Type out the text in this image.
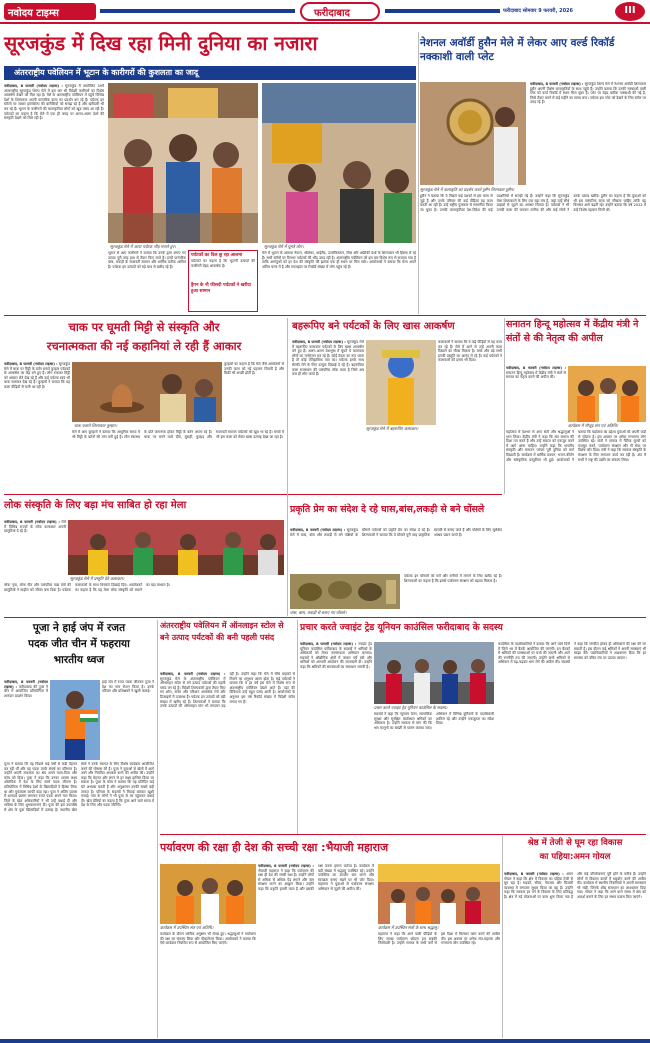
नवोदय टाइम्स	फरीदाबाद	फरीदाबाद सोमवार 9 फरवरी, 2026	III
सूरजकुंड में दिख रहा मिनी दुनिया का नजारा
अंतरराष्ट्रीय पवेलियन में भूटान के कारीगरों की कुशलता का जादू
फरीदाबाद, 8 फरवरी (नवोदय टाइम्स) : सूरजकुंड में आयोजित 39वें अंतरराष्ट्रीय सूरजकुंड शिल्प मेले में इस बार भी विदेशी कारीगरों का विशेष आकर्षण देखने को मिल रहा है। मेले के अंतरराष्ट्रीय पवेलियन में पहुंचे विभिन्न देशों के शिल्पकार अपनी पारंपरिक कला का प्रदर्शन कर रहे हैं। पर्यटक इन स्टॉलों पर जाकर हस्तशिल्प की बारीकियों को समझ रहे हैं और खरीदारी भी कर रहे हैं। भूटान के कारीगरों की कलाकृतियां लोगों को खूब पसंद आ रही हैं। पर्यटकों का कहना है कि मेले में एक ही जगह पर अलग-अलग देशों की संस्कृति देखने को मिल रही है।
सूरजकुंड मेले में आया पर्यटक भीड़ मनाते हुए।	सूरजकुंड मेले में घूमते लोग।
भूटान से आए कारीगरों ने बताया कि उनके द्वारा बनाए गए उत्पाद पूरी तरह हाथ से तैयार किए जाते हैं। इनमें पारंपरिक वस्त्र, लकड़ी के सजावटी सामान और धार्मिक प्रतीक शामिल हैं। पर्यटक इन उत्पादों को बड़े चाव से खरीद रहे हैं।
पर्यटकों का दिल छू रहा आलमा
पर्यटकों का कहना है कि भूटानी उत्पादों की कारीगरी बेहद आकर्षक है।
ड्रैगन के नौ फीसदी पर्यटकों ने खरीदा हुआ सामान
मेले में भूटान के अलावा नेपाल, श्रीलंका, थाईलैंड, उज्बेकिस्तान, मिस्र और अफ्रीकी देशों के शिल्पकार भी हिस्सा ले रहे हैं। सभी स्टॉलों पर दिनभर पर्यटकों की भीड़ उमड़ रही है। अंतरराष्ट्रीय पवेलियन को इस बार विशेष रूप से सजाया गया है ताकि आगंतुकों को हर देश की संस्कृति की झलक एक ही स्थान पर मिल सके। आयोजकों ने बताया कि मेला अपने अंतिम चरण में है और सप्ताहांत पर रिकॉर्ड संख्या में लोग पहुंच रहे हैं।
नेशनल अवॉर्डी हुसैन मेले में लेकर आए वर्ल्ड रिकॉर्ड नक्काशी वाली प्लेट
फरीदाबाद, 8 फरवरी (नवोदय टाइम्स) : सूरजकुंड शिल्प मेले में नेशनल अवॉर्डी शिल्पकार हुसैन अपनी विशेष कलाकृतियों के साथ पहुंचे हैं। उन्होंने बताया कि उनकी नक्काशी वाली प्लेट को वर्ल्ड रिकॉर्ड में स्थान मिल चुका है। प्लेट पर बेहद बारीक नक्काशी की गई है, जिसे तैयार करने में कई महीने का समय लगा। पर्यटक इस प्लेट को देखने के लिए स्टॉल पर उमड़ रहे हैं।
सूरजकुंड मेले में कलाकृति का प्रदर्शन करते हुसैन शिल्पकार हुसैन।
हुसैन ने बताया कि वे पिछले कई दशकों से इस कला से जुड़े हैं और उनके परिवार की कई पीढ़ियां यह काम करती आ रही हैं। उन्हें राष्ट्रीय पुरस्कार से सम्मानित किया जा चुका है। उनकी कलाकृतियां देश-विदेश की कई प्रदर्शनियों में सराही गई हैं। उन्होंने कहा कि सूरजकुंड मेला शिल्पकारों के लिए एक बड़ा मंच है, जहां उन्हें सीधे ग्राहकों से जुड़ने का अवसर मिलता है। पर्यटकों ने भी उनकी कला की जमकर तारीफ की और कई लोगों ने उनके उत्पाद खरीदे। हुसैन का कहना है कि युवाओं को भी इस पारंपरिक कला को सीखना चाहिए ताकि यह विरासत आगे बढ़ती रहे। उन्होंने बताया कि वर्ष 2022 में उन्हें विशेष पहचान मिली थी।
चाक पर घूमती मिट्टी से संस्कृति और
रचनात्मकता की नई कहानियां ले रही हैं आकार
फरीदाबाद, 8 फरवरी (नवोदय टाइम्स) : सूरजकुंड मेले में चाक पर मिट्टी के बर्तन बनाते कुम्हार पर्यटकों के आकर्षण का केंद्र बने हुए हैं। लोग रुककर मिट्टी को आकार लेते देख रहे हैं और कई पर्यटक स्वयं भी चाक चलाकर देख रहे हैं। कुम्हारों ने बताया कि यह कला पीढ़ियों से चली आ रही है।
चाक चलाते शिल्पकार कुम्हार।
मेले में आए कुम्हारों ने बताया कि आधुनिक समय में भी मिट्टी के बर्तनों की मांग बनी हुई है। लोग स्वास्थ्य के प्रति जागरूक होकर मिट्टी के बर्तन अपना रहे हैं। चाक पर बनने वाले दीये, सुराही, कुल्हड़ और सजावटी सामान पर्यटकों को खूब भा रहे हैं। बच्चों में भी इस कला को लेकर खास उत्साह देखा जा रहा है।
कुम्हारों का कहना है कि मेले जैसे आयोजनों से उनकी कला को नई पहचान मिलती है और बिक्री भी अच्छी होती है।
बहरूपिए बने पर्यटकों के लिए खास आकर्षण
फरीदाबाद, 8 फरवरी (नवोदय टाइम्स) : सूरजकुंड मेले में बहरूपिए कलाकार पर्यटकों के लिए खास आकर्षण बने हुए हैं। अलग-अलग वेशभूषा में घूमते ये कलाकार लोगों का मनोरंजन कर रहे हैं। कोई देवता का रूप धरता है तो कोई ऐतिहासिक पात्र का। पर्यटक इनके साथ सेल्फी लेने के लिए उत्सुक दिखाई दे रहे हैं। बहरूपिया कला राजस्थान की पारंपरिक लोक कला है जिसे अब कम ही लोग करते हैं।
सूरजकुंड मेले में बहरूपिए कलाकार।
कलाकारों ने बताया कि वे कई पीढ़ियों से यह काम कर रहे हैं। मेले में आने से उन्हें अपनी कला दिखाने का मौका मिलता है। बच्चे और बड़े सभी इनकी प्रस्तुति का आनंद ले रहे हैं। कई पर्यटकों ने कलाकारों को इनाम भी दिया।
सनातन हिन्दू महोत्सव में केंद्रीय मंत्री ने संतों से की नेतृत्व की अपील
फरीदाबाद, 8 फरवरी (नवोदय टाइम्स) : सनातन हिन्दू महोत्सव में केंद्रीय मंत्री ने संतों से समाज का नेतृत्व करने की अपील की।
कार्यक्रम में मौजूद संत एवं अतिथि।
महोत्सव में देशभर से आए संतों और श्रद्धालुओं ने भाग लिया। केंद्रीय मंत्री ने कहा कि संत समाज की दिशा तय करते हैं और उन्हें समाज को एकजुट करने में आगे आना चाहिए। उन्होंने कहा कि भारतीय संस्कृति और सनातन परंपरा पूरी दुनिया को मार्ग दिखाती है। कार्यक्रम में धार्मिक प्रवचन, भजन-कीर्तन और सांस्कृतिक प्रस्तुतियां भी हुईं। आयोजकों ने बताया कि महोत्सव का उद्देश्य युवाओं को अपनी जड़ों से जोड़ना है। इस अवसर पर अनेक गणमान्य लोग उपस्थित रहे। संतों ने समाज में नैतिक मूल्यों को मजबूत करने, पर्यावरण संरक्षण और गौ सेवा पर विशेष जोर दिया। मंत्री ने कहा कि सरकार संस्कृति के संरक्षण के लिए लगातार कार्य कर रही है। अंत में सभी ने राष्ट्र की उन्नति का संकल्प लिया।
लोक संस्कृति के लिए बड़ा मंच साबित हो रहा मेला
फरीदाबाद, 8 फरवरी (नवोदय टाइम्स) : मेले में विभिन्न राज्यों के लोक कलाकार अपनी प्रस्तुतियां दे रहे हैं।
सूरजकुंड मेले में प्रस्तुति देते कलाकार।
लोक नृत्य, लोक गीत और पारंपरिक वाद्य यंत्रों की प्रस्तुतियों ने माहौल को जीवंत बना दिया है। पर्यटक कलाकारों के साथ थिरकते दिखाई दिए। आयोजकों का कहना है कि यह मेला लोक संस्कृति को बचाने का बड़ा माध्यम है।
प्रकृति प्रेम का संदेश दे रहे घास,बांस,लकड़ी से बने घोंसले
फरीदाबाद, 8 फरवरी (नवोदय टाइम्स) : सूरजकुंड मेले में घास, बांस और लकड़ी से बने पक्षियों के घोंसले पर्यटकों को प्रकृति प्रेम का संदेश दे रहे हैं। शिल्पकारों ने बताया कि ये घोंसले पूरी तरह प्राकृतिक सामग्री से बनाए जाते हैं और पक्षियों के लिए सुरक्षित आश्रय प्रदान करते हैं।
घास, बांस, लकड़ी से बनाए गए घोंसले।
पर्यटक इन घोंसलों को घरों और बगीचों में लगाने के लिए खरीद रहे हैं। शिल्पकारों का कहना है कि इससे पर्यावरण संरक्षण को बढ़ावा मिलता है।
पूजा ने हाई जंप में रजत
पदक जीत चीन में फहराया
भारतीय ध्वज
फरीदाबाद, 8 फरवरी (नवोदय टाइम्स) : फरीदाबाद की पूजा ने चीन में आयोजित प्रतियोगिता में शानदार प्रदर्शन किया।
हाई जंप में रजत पदक जीतकर पूजा ने देश का नाम रोशन किया है। उनके परिवार और प्रशिक्षकों ने खुशी जताई।
पूजा ने बताया कि वह पिछले कई वर्षों से कड़ी मेहनत कर रही थीं और यह पदक उनके संघर्ष का परिणाम है। उन्होंने अपनी सफलता का श्रेय अपने माता-पिता और कोच को दिया। पूजा ने कहा कि उनका अगला लक्ष्य ओलंपिक में देश के लिए स्वर्ण पदक जीतना है। प्रतियोगिता में विभिन्न देशों के खिलाड़ियों ने हिस्सा लिया था और मुकाबला काफी कड़ा रहा। पूजा ने अंतिम प्रयास में शानदार छलांग लगाकर रजत पदक अपने नाम किया। जिले के खेल अधिकारियों ने भी उन्हें बधाई दी और भविष्य के लिए शुभकामनाएं दीं। पूजा की इस उपलब्धि से क्षेत्र के युवा खिलाड़ियों में उत्साह है। स्थानीय खेल संघों ने उनके स्वागत के लिए विशेष कार्यक्रम आयोजित करने की घोषणा की है। पूजा ने युवाओं से खेलों में आगे आने और नियमित अभ्यास करने की अपील की। उन्होंने कहा कि मेहनत और लगन से हर लक्ष्य हासिल किया जा सकता है। पूजा के कोच ने बताया कि वह प्रतिदिन कई घंटे अभ्यास करती हैं और अनुशासन उनकी सबसे बड़ी ताकत है। परिवार के सदस्यों ने मिठाई बांटकर खुशी मनाई। गांव के लोगों ने भी पूजा के घर पहुंचकर बधाई दी। खेल प्रेमियों का कहना है कि पूजा आने वाले समय में देश के लिए और पदक जीतेंगी।
अंतरराष्ट्रीय पवेलियन में ऑनलाइन स्टोल से बने उत्पाद पर्यटकों की बनी पहली पसंद
फरीदाबाद, 8 फरवरी (नवोदय टाइम्स) : सूरजकुंड मेले के अंतरराष्ट्रीय पवेलियन में ऑनलाइन स्टोल से बने उत्पाद पर्यटकों की पहली पसंद बन रहे हैं। विदेशी शिल्पकारों द्वारा तैयार किए गए शॉल, स्टोल और परिधान आकर्षक रंगों और डिजाइनों में उपलब्ध हैं। पर्यटक इन उत्पादों को बड़ी संख्या में खरीद रहे हैं। शिल्पकारों ने बताया कि उनके उत्पादों की ऑनलाइन मांग भी लगातार बढ़ रही है। उन्होंने कहा कि मेले में सीधे ग्राहकों से मिलने का अनुभव अलग होता है। कई पर्यटकों ने बताया कि वे हर वर्ष इस मेले में विशेष रूप से अंतरराष्ट्रीय पवेलियन देखने आते हैं। यहां की विविधता उन्हें बहुत पसंद आती है। आयोजकों के अनुसार इस वर्ष रिकॉर्ड संख्या में विदेशी स्टॉल लगाए गए हैं।
प्रचार करते ज्वाइंट ट्रेड यूनियन काउंसिल फरीदाबाद के सदस्य
फरीदाबाद, 8 फरवरी (नवोदय टाइम्स) : ज्वाइंट ट्रेड यूनियन काउंसिल फरीदाबाद के सदस्यों ने श्रमिकों के अधिकारों को लेकर जागरूकता अभियान चलाया। सदस्यों ने औद्योगिक क्षेत्रों में जाकर पर्चे बांटे और श्रमिकों को आगामी आंदोलन की जानकारी दी। उन्होंने कहा कि श्रमिकों की समस्याओं का समाधान जरूरी है।
प्रचार करते ज्वाइंट ट्रेड यूनियन काउंसिल के सदस्य।
सदस्यों ने कहा कि न्यूनतम वेतन, सामाजिक सुरक्षा और सुरक्षित कार्यस्थल श्रमिकों का अधिकार है। उन्होंने सरकार से मांग की कि श्रम कानूनों का सख्ती से पालन कराया जाए। अभियान में विभिन्न यूनियनों के पदाधिकारी शामिल रहे और उन्होंने एकजुटता का संदेश दिया।
काउंसिल के पदाधिकारियों ने बताया कि आने वाले दिनों में जिले भर में बैठकें आयोजित की जाएंगी। इन बैठकों में श्रमिकों की समस्याओं पर चर्चा की जाएगी और आगे की रणनीति तय की जाएगी। उन्होंने सभी श्रमिकों से अभियान में बढ़-चढ़कर भाग लेने की अपील की। सदस्यों ने कहा कि संगठित होकर ही अधिकारों की रक्षा की जा सकती है। इस दौरान कई श्रमिकों ने अपनी समस्याएं भी साझा कीं। पदाधिकारियों ने आश्वासन दिया कि हर समस्या को उचित मंच पर उठाया जाएगा।
पर्यावरण की रक्षा ही देश की सच्ची रक्षा :भैयाजी महाराज
कार्यक्रम में उपस्थित संत एवं अतिथि।
फरीदाबाद, 8 फरवरी (नवोदय टाइम्स) : भैयाजी महाराज ने कहा कि पर्यावरण की रक्षा ही देश की सच्ची रक्षा है। उन्होंने लोगों से अधिक से अधिक पेड़ लगाने और जल संरक्षण करने का आह्वान किया। उन्होंने कहा कि प्रकृति हमारी माता है और इसकी रक्षा करना हमारा कर्तव्य है। कार्यक्रम में बड़ी संख्या में श्रद्धालु उपस्थित रहे। उन्होंने प्लास्टिक का उपयोग कम करने और स्वच्छता बनाए रखने पर भी जोर दिया। महाराज ने युवाओं से पर्यावरण संरक्षण अभियान से जुड़ने की अपील की।
कार्यक्रम में उपस्थित संतों के साथ श्रद्धालु।
कार्यक्रम के दौरान धार्मिक अनुष्ठान भी संपन्न हुए। श्रद्धालुओं ने पर्यावरण की रक्षा का संकल्प लिया और पौधारोपण किया। आयोजकों ने बताया कि ऐसे कार्यक्रम नियमित रूप से आयोजित किए जाएंगे।
महाराज ने कहा कि आने वाली पीढ़ियों के लिए स्वच्छ पर्यावरण छोड़ना हम सबकी जिम्मेदारी है। उन्होंने समाज के सभी वर्गों से इस दिशा में मिलकर काम करने की अपील की। इस अवसर पर अनेक संत-महात्मा और गणमान्य लोग उपस्थित रहे।
श्रेष्ठ में तेजी से घूम रहा विकास
का पहिया:अमन गोयल
फरीदाबाद, 8 फरवरी (नवोदय टाइम्स) : अमन गोयल ने कहा कि क्षेत्र में विकास का पहिया तेजी से घूम रहा है। सड़कों, सीवर, पेयजल और बिजली व्यवस्था में लगातार सुधार किया जा रहा है। उन्होंने कहा कि सरकार हर वर्ग के विकास के लिए प्रतिबद्ध है। क्षेत्र में नई योजनाओं पर काम शुरू किया गया है और कई परियोजनाएं पूरी होने के करीब हैं। उन्होंने लोगों से विकास कार्यों में सहयोग करने की अपील की। कार्यक्रम में स्थानीय निवासियों ने अपनी समस्याएं भी रखीं, जिनके शीघ्र समाधान का आश्वासन दिया गया। गोयल ने कहा कि आने वाले समय में क्षेत्र को आदर्श बनाने के लिए हर संभव प्रयास किए जाएंगे।
